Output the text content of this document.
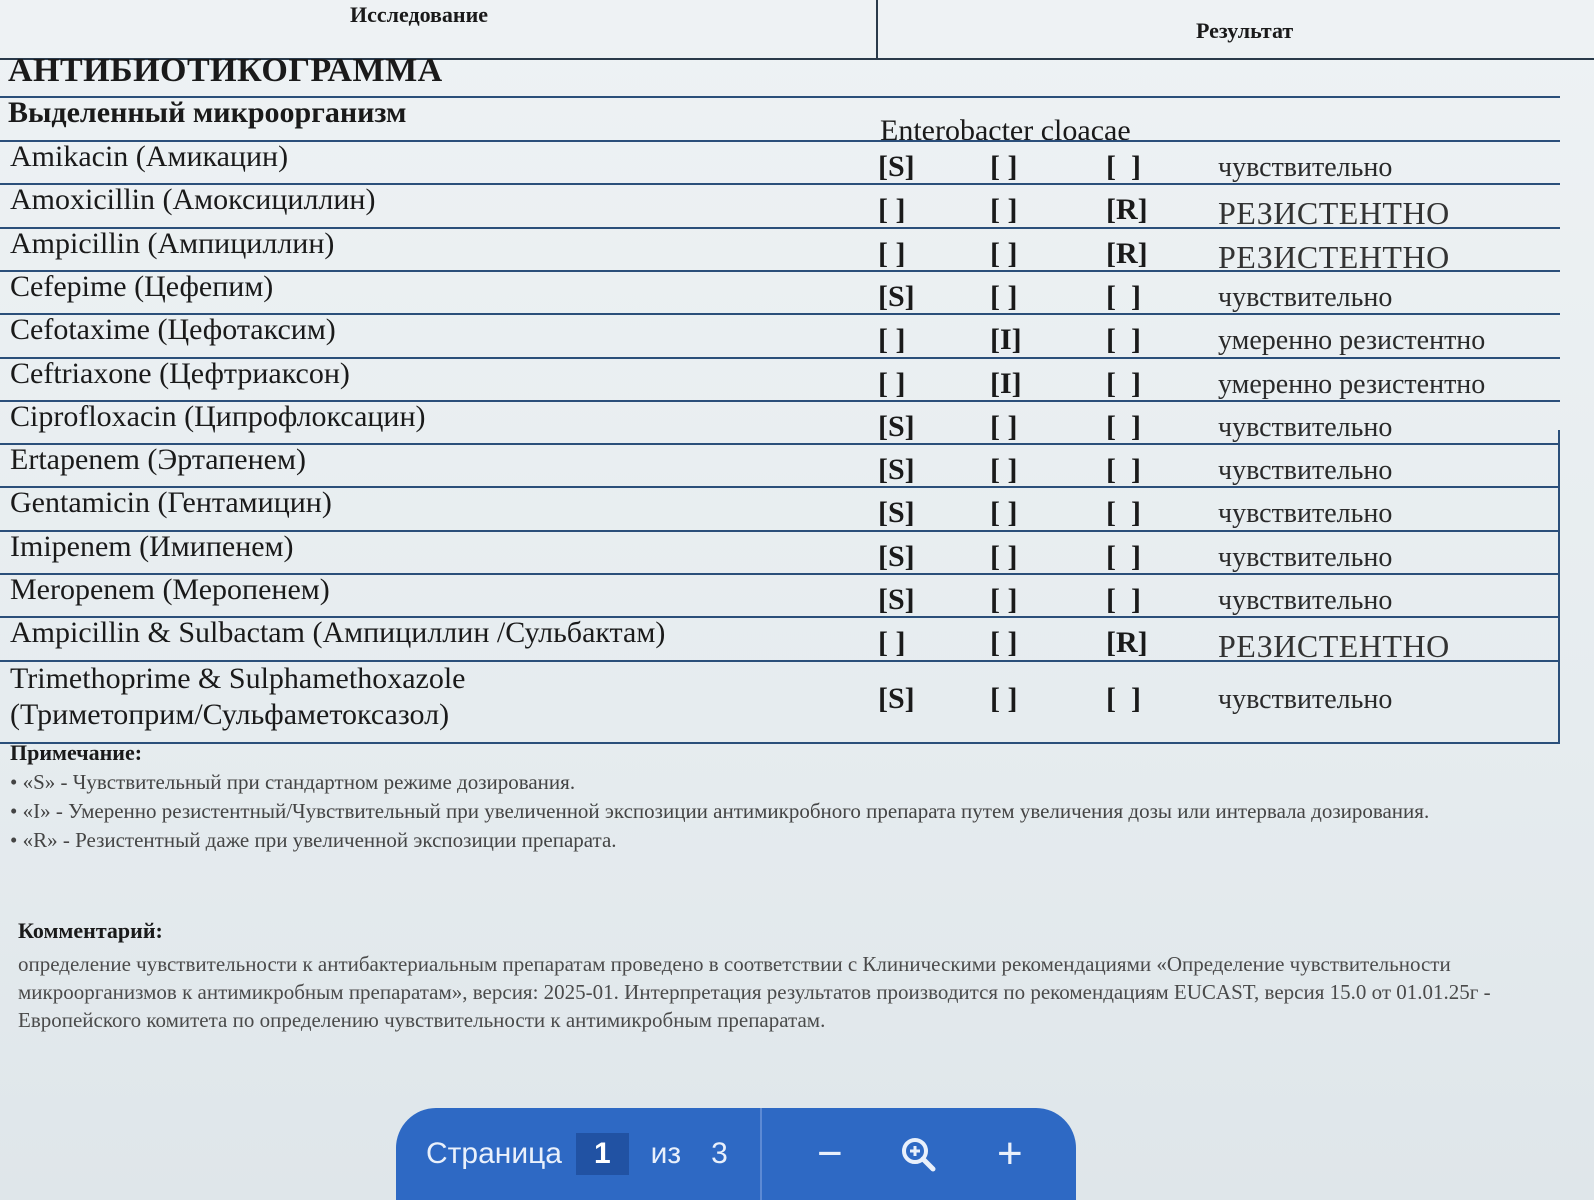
Исследование
Результат
АНТИБИОТИКОГРАММА
Выделенный микроорганизм
Enterobacter cloacae
Amikacin (Амикацин)	[S]	[ ]	[  ]	чувствительно
Amoxicillin (Амоксициллин)	[ ]	[ ]	[R] РЕЗИСТЕНТНО
Ampicillin (Ампициллин)	[ ]	[ ]	[R] РЕЗИСТЕНТНО
Cefepime (Цефепим)	[S]	[ ]	[  ]	чувствительно
Cefotaxime (Цефотаксим)	[ ]	[I]	[  ]	умеренно резистентно
Ceftriaxone (Цефтриаксон)	[ ]	[I]	[  ]	умеренно резистентно
Ciprofloxacin (Ципрофлоксацин)	[S]	[ ]	[  ]	чувствительно
Ertapenem (Эртапенем)	[S]	[ ]	[  ]	чувствительно
Gentamicin (Гентамицин)	[S]	[ ]	[  ]	чувствительно
Imipenem (Имипенем)	[S]	[ ]	[  ]	чувствительно
Meropenem (Меропенем)	[S]	[ ]	[  ]	чувствительно
Ampicillin & Sulbactam (Ампициллин /Сульбактам)	[ ]	[ ]	[R] РЕЗИСТЕНТНО
Trimethoprime & Sulphamethoxazole
(Триметоприм/Сульфаметоксазол)	[S]	[ ]	[  ]	чувствительно
Примечание:
• «S» - Чувствительный при стандартном режиме дозирования.
• «I» - Умеренно резистентный/Чувствительный при увеличенной экспозиции антимикробного препарата путем увеличения дозы или интервала дозирования.
• «R» - Резистентный даже при увеличенной экспозиции препарата.
Комментарий:
определение чувствительности к антибактериальным препаратам проведено в соответствии с Клиническими рекомендациями «Определение чувствительности микроорганизмов к антимикробным препаратам», версия: 2025-01. Интерпретация результатов производится по рекомендациям EUCAST, версия 15.0 от 01.01.25г - Европейского комитета по определению чувствительности к антимикробным препаратам.
Страница	1	из 3 −	+
